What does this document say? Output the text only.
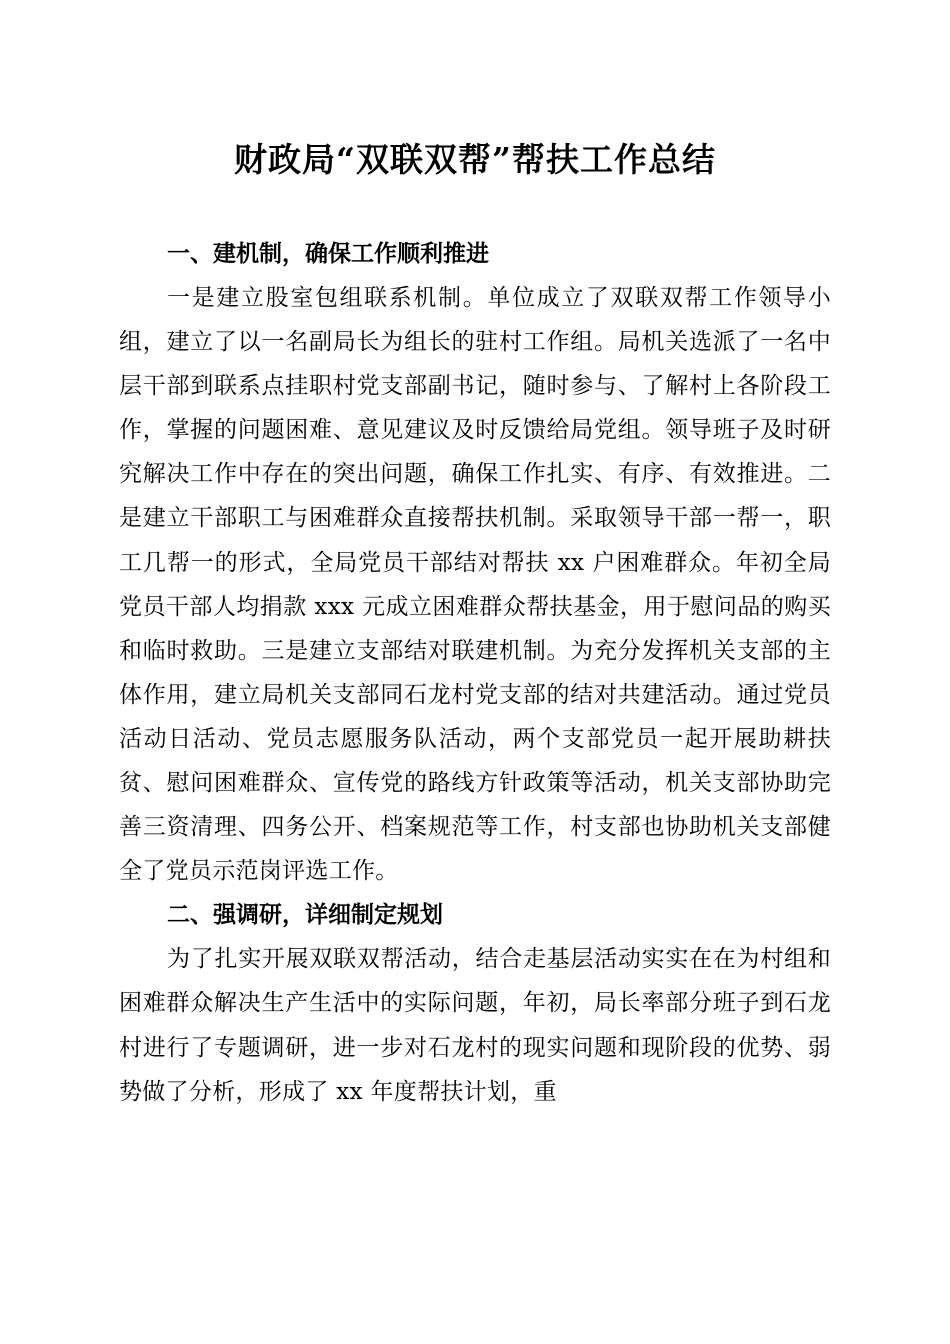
财政局“双联双帮”帮扶工作总结
一、建机制，确保工作顺利推进

一是建立股室包组联系机制。单位成立了双联双帮工作领导小组，建立了以一名副局长为组长的驻村工作组。局机关选派了一名中层干部到联系点挂职村党支部副书记，随时参与、了解村上各阶段工作，掌握的问题困难、意见建议及时反馈给局党组。领导班子及时研究解决工作中存在的突出问题，确保工作扎实、有序、有效推进。二是建立干部职工与困难群众直接帮扶机制。采取领导干部一帮一，职工几帮一的形式，全局党员干部结对帮扶 xx 户困难群众。年初全局党员干部人均捐款 xxx 元成立困难群众帮扶基金，用于慰问品的购买和临时救助。三是建立支部结对联建机制。为充分发挥机关支部的主体作用，建立局机关支部同石龙村党支部的结对共建活动。通过党员活动日活动、党员志愿服务队活动，两个支部党员一起开展助耕扶贫、慰问困难群众、宣传党的路线方针政策等活动，机关支部协助完善三资清理、四务公开、档案规范等工作，村支部也协助机关支部健全了党员示范岗评选工作。

二、强调研，详细制定规划

为了扎实开展双联双帮活动，结合走基层活动实实在在为村组和困难群众解决生产生活中的实际问题，年初，局长率部分班子到石龙村进行了专题调研，进一步对石龙村的现实问题和现阶段的优势、弱势做了分析，形成了 xx 年度帮扶计划，重
